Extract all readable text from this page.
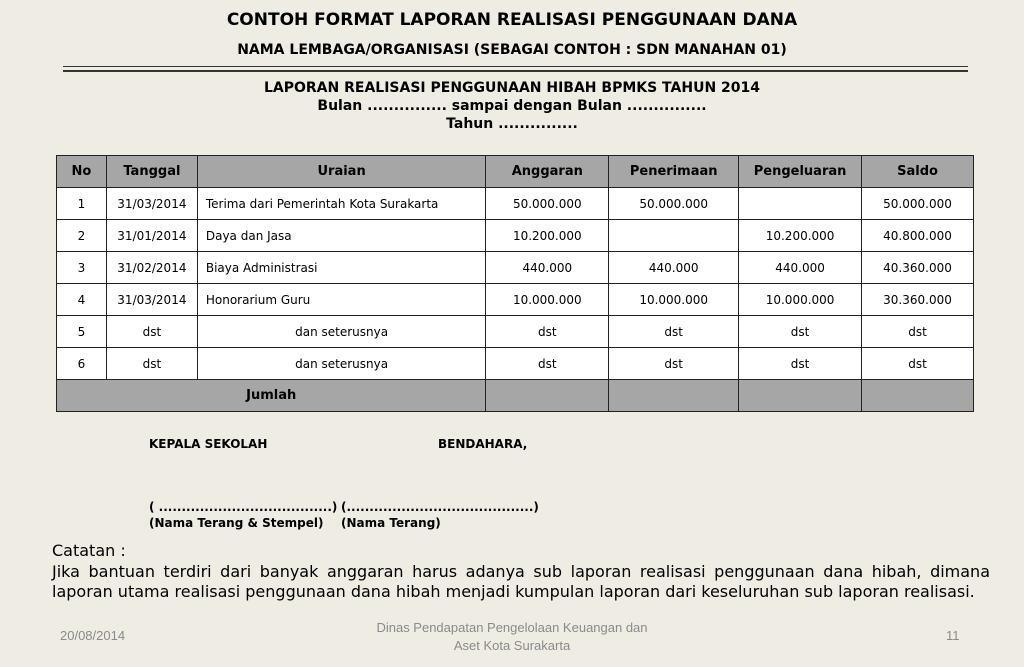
CONTOH FORMAT LAPORAN REALISASI PENGGUNAAN DANA
NAMA LEMBAGA/ORGANISASI (SEBAGAI CONTOH : SDN MANAHAN 01)
LAPORAN REALISASI PENGGUNAAN HIBAH BPMKS TAHUN 2014
Bulan ............... sampai dengan Bulan ...............
Tahun ...............
No	Tanggal	Uraian	Anggaran	Penerimaan	Pengeluaran	Saldo
1	31/03/2014	Terima dari Pemerintah Kota Surakarta	50.000.000	50.000.000		50.000.000
2	31/01/2014	Daya dan Jasa	10.200.000		10.200.000	40.800.000
3	31/02/2014	Biaya Administrasi	440.000	440.000	440.000	40.360.000
4	31/03/2014	Honorarium Guru	10.000.000	10.000.000	10.000.000	30.360.000
5	dst	dan seterusnya	dst	dst	dst	dst
6	dst	dan seterusnya	dst	dst	dst	dst
Jumlah						
KEPALA SEKOLAH	BENDAHARA,
( ......................................) (.........................................)
(Nama Terang & Stempel) (Nama Terang)
Catatan :
Jika bantuan terdiri dari banyak anggaran harus adanya sub laporan realisasi penggunaan dana hibah, dimana laporan utama realisasi penggunaan dana hibah menjadi kumpulan laporan dari keseluruhan sub laporan realisasi.
20/08/2014
Dinas Pendapatan Pengelolaan Keuangan dan
Aset Kota Surakarta
11
